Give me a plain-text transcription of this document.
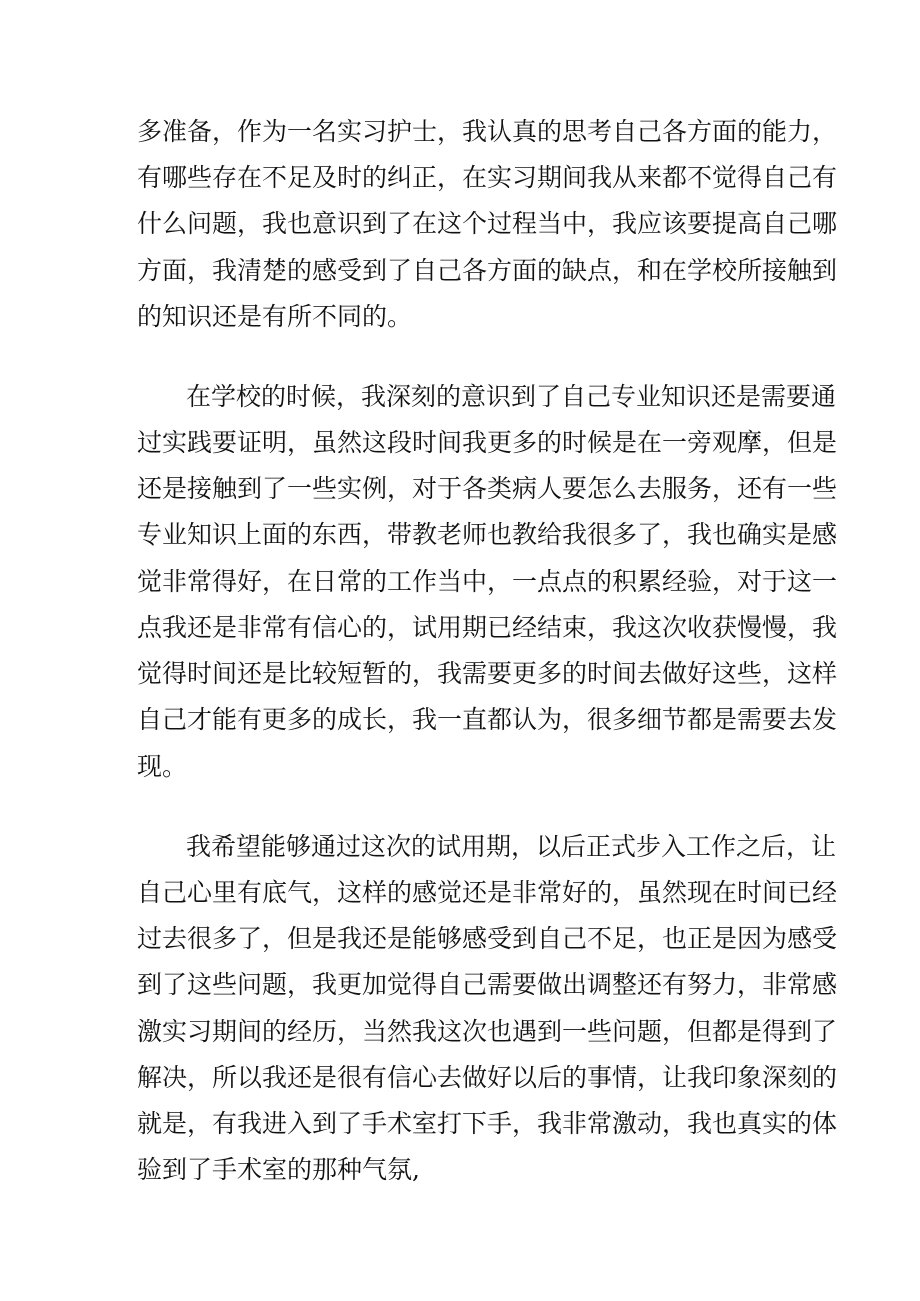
多准备，作为一名实习护士，我认真的思考自己各方面的能力，
有哪些存在不足及时的纠正，在实习期间我从来都不觉得自己有
什么问题，我也意识到了在这个过程当中，我应该要提高自己哪
方面，我清楚的感受到了自己各方面的缺点，和在学校所接触到
的知识还是有所不同的。
在学校的时候，我深刻的意识到了自己专业知识还是需要通
过实践要证明，虽然这段时间我更多的时候是在一旁观摩，但是
还是接触到了一些实例，对于各类病人要怎么去服务，还有一些
专业知识上面的东西，带教老师也教给我很多了，我也确实是感
觉非常得好，在日常的工作当中，一点点的积累经验，对于这一
点我还是非常有信心的，试用期已经结束，我这次收获慢慢，我
觉得时间还是比较短暂的，我需要更多的时间去做好这些，这样
自己才能有更多的成长，我一直都认为，很多细节都是需要去发
现。
我希望能够通过这次的试用期，以后正式步入工作之后，让
自己心里有底气，这样的感觉还是非常好的，虽然现在时间已经
过去很多了，但是我还是能够感受到自己不足，也正是因为感受
到了这些问题，我更加觉得自己需要做出调整还有努力，非常感
激实习期间的经历，当然我这次也遇到一些问题，但都是得到了
解决，所以我还是很有信心去做好以后的事情，让我印象深刻的
就是，有我进入到了手术室打下手，我非常激动，我也真实的体
验到了手术室的那种气氛,
